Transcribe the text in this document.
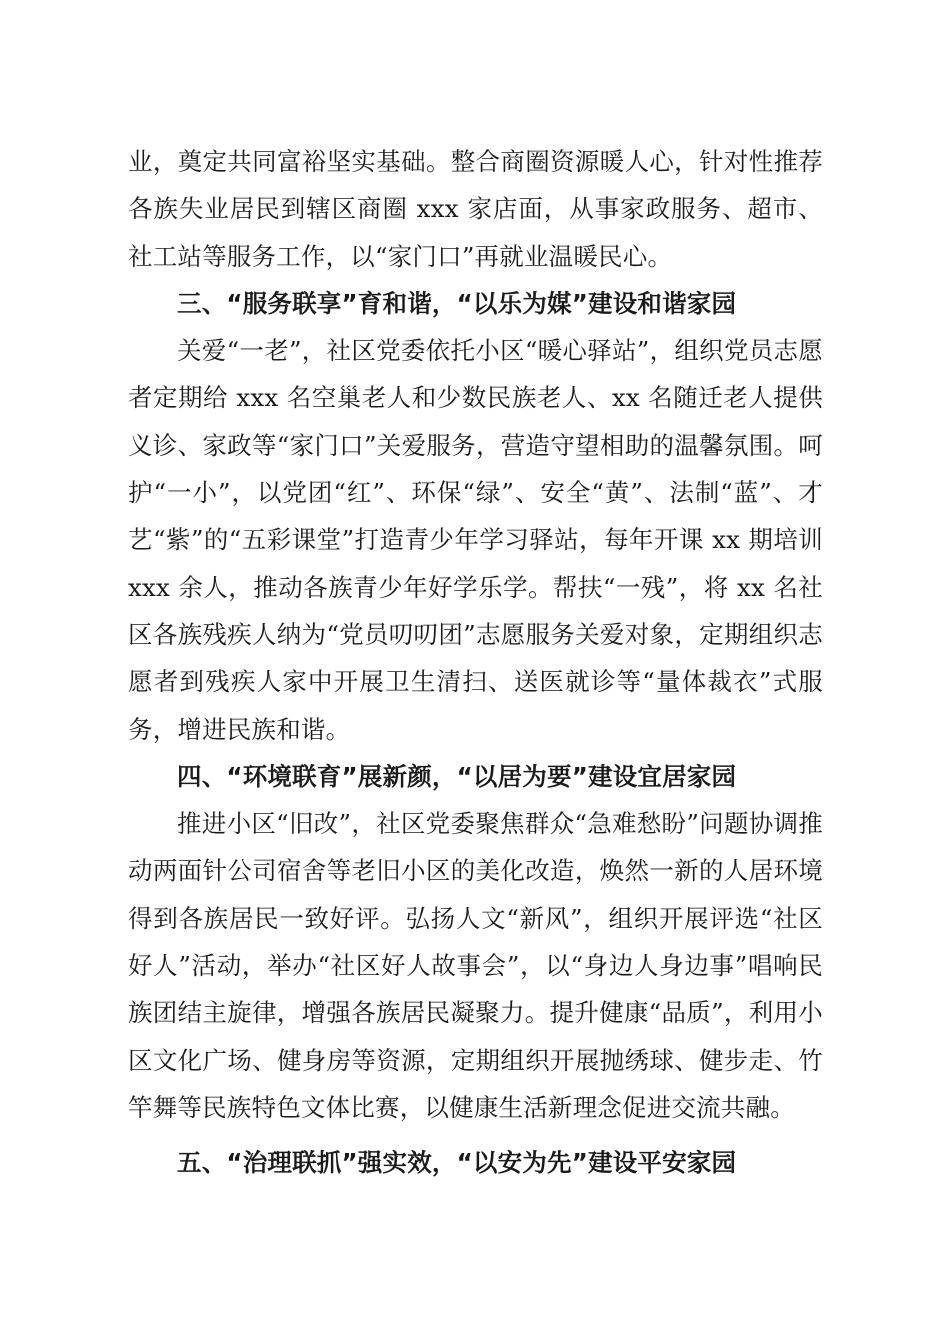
业，奠定共同富裕坚实基础。整合商圈资源暖人心，针对性推荐各族失业居民到辖区商圈 xxx 家店面，从事家政服务、超市、社工站等服务工作，以“家门口”再就业温暖民心。

三、“服务联享”育和谐，“以乐为媒”建设和谐家园

关爱“一老”，社区党委依托小区“暖心驿站”，组织党员志愿者定期给 xxx 名空巢老人和少数民族老人、xx 名随迁老人提供义诊、家政等“家门口”关爱服务，营造守望相助的温馨氛围。呵护“一小”，以党团“红”、环保“绿”、安全“黄”、法制“蓝”、才艺“紫”的“五彩课堂”打造青少年学习驿站，每年开课 xx 期培训 xxx 余人，推动各族青少年好学乐学。帮扶“一残”，将 xx 名社区各族残疾人纳为“党员叨叨团”志愿服务关爱对象，定期组织志愿者到残疾人家中开展卫生清扫、送医就诊等“量体裁衣”式服务，增进民族和谐。

四、“环境联育”展新颜，“以居为要”建设宜居家园

推进小区“旧改”，社区党委聚焦群众“急难愁盼”问题协调推动两面针公司宿舍等老旧小区的美化改造，焕然一新的人居环境得到各族居民一致好评。弘扬人文“新风”，组织开展评选“社区好人”活动，举办“社区好人故事会”，以“身边人身边事”唱响民族团结主旋律，增强各族居民凝聚力。提升健康“品质”，利用小区文化广场、健身房等资源，定期组织开展抛绣球、健步走、竹竿舞等民族特色文体比赛，以健康生活新理念促进交流共融。

五、“治理联抓”强实效，“以安为先”建设平安家园
